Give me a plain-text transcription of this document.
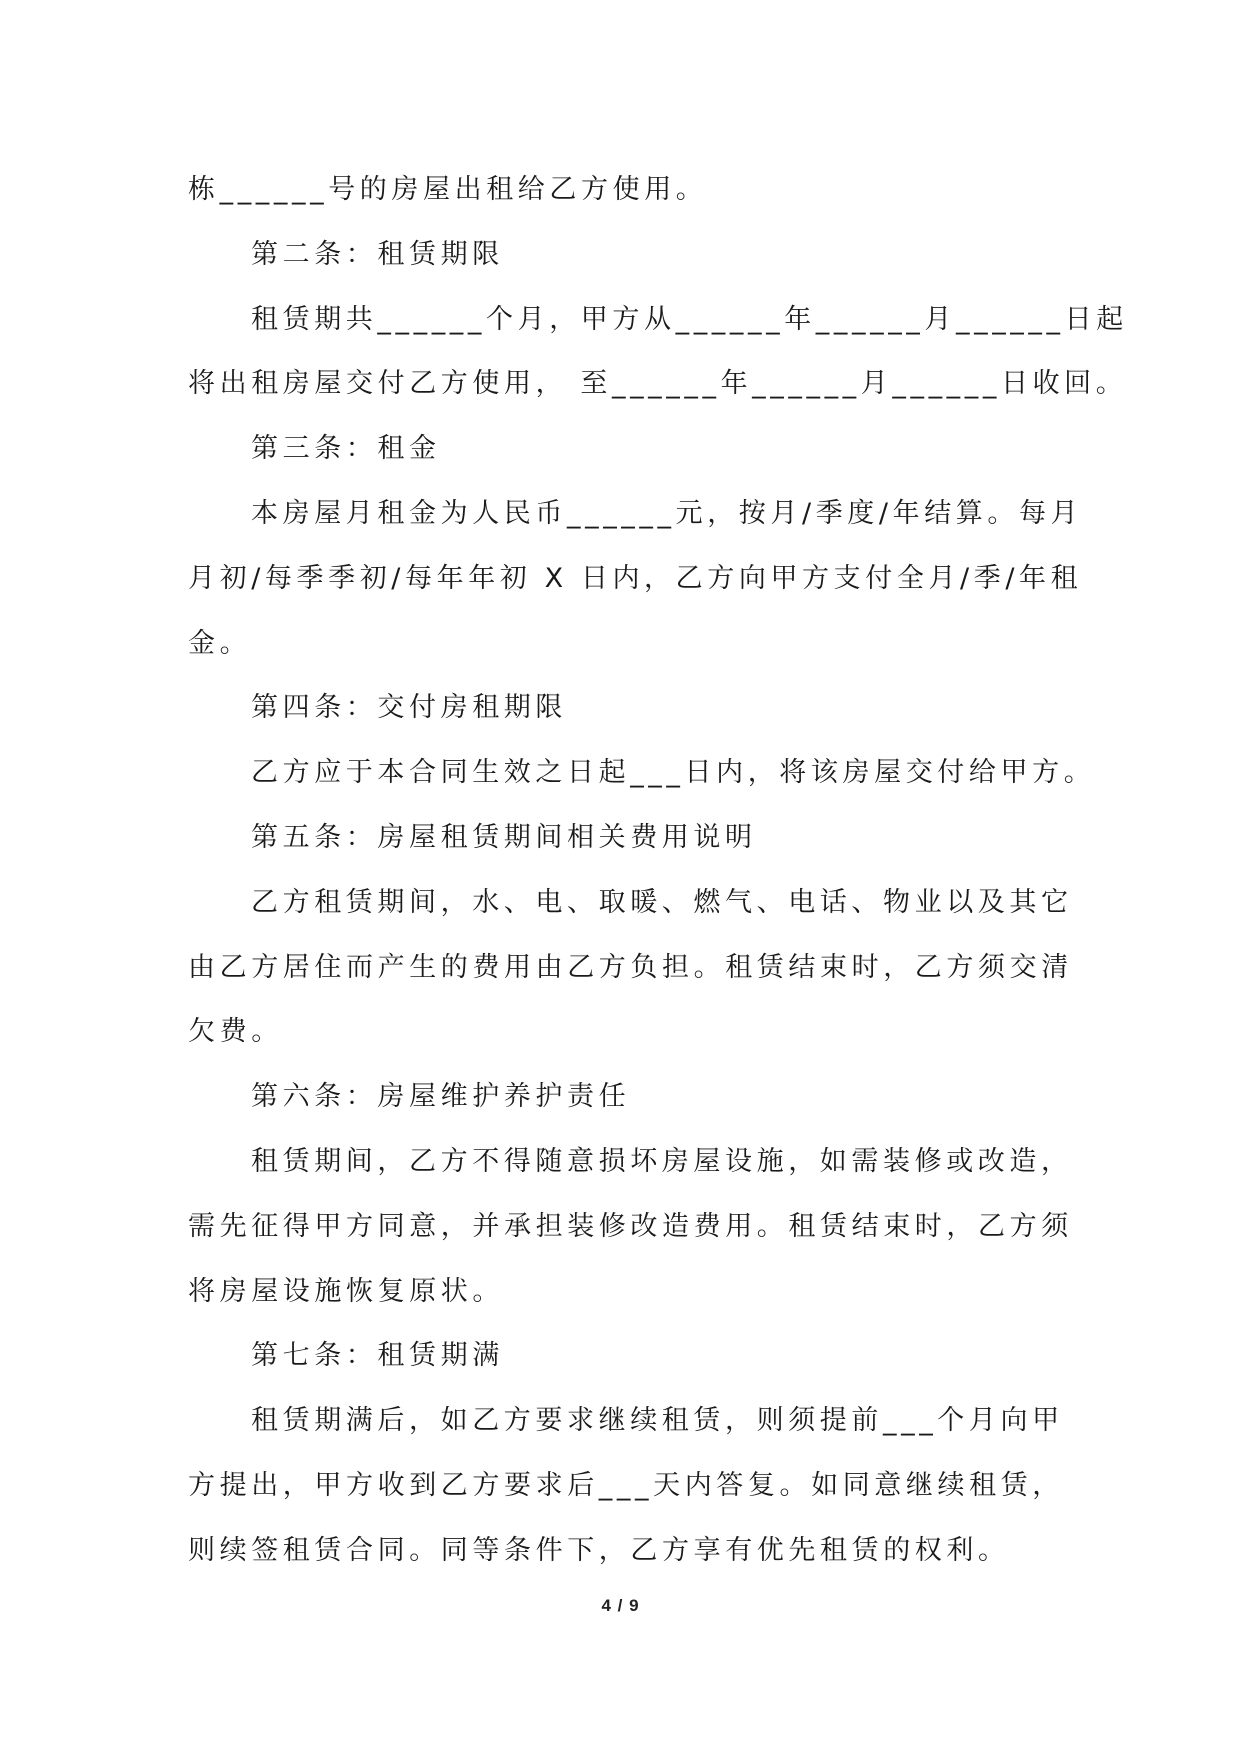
栋______号的房屋出租给乙方使用。
第二条：租赁期限
租赁期共______个月，甲方从______年______月______日起
将出租房屋交付乙方使用， 至______年______月______日收回。
第三条：租金
本房屋月租金为人民币______元，按月/季度/年结算。每月
月初/每季季初/每年年初 X 日内，乙方向甲方支付全月/季/年租
金。
第四条：交付房租期限
乙方应于本合同生效之日起___日内，将该房屋交付给甲方。
第五条：房屋租赁期间相关费用说明
乙方租赁期间，水、电、取暖、燃气、电话、物业以及其它
由乙方居住而产生的费用由乙方负担。租赁结束时，乙方须交清
欠费。
第六条：房屋维护养护责任
租赁期间，乙方不得随意损坏房屋设施，如需装修或改造，
需先征得甲方同意，并承担装修改造费用。租赁结束时，乙方须
将房屋设施恢复原状。
第七条：租赁期满
租赁期满后，如乙方要求继续租赁，则须提前___个月向甲
方提出，甲方收到乙方要求后___天内答复。如同意继续租赁，
则续签租赁合同。同等条件下，乙方享有优先租赁的权利。
4 / 9
